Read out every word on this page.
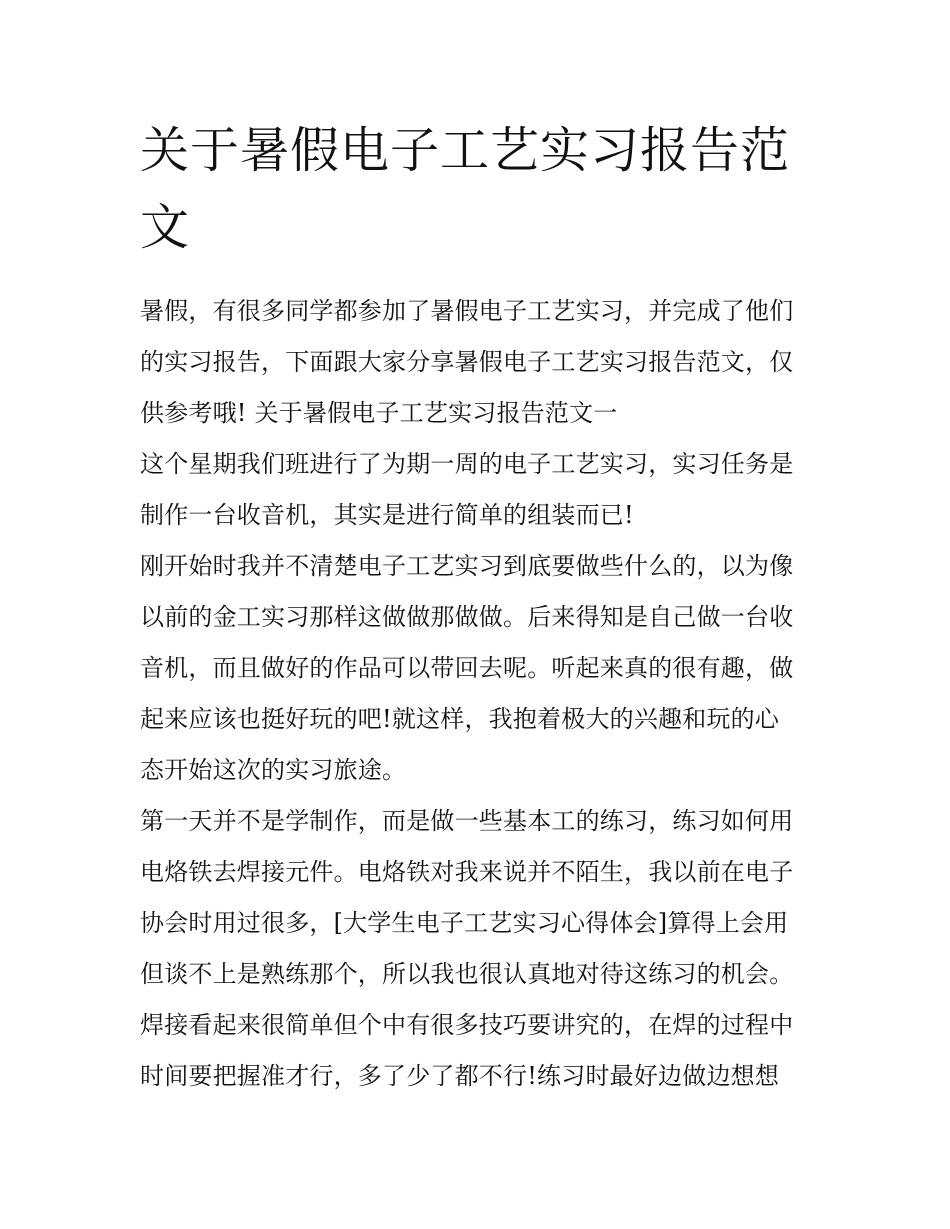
关于暑假电子工艺实习报告范
文

暑假，有很多同学都参加了暑假电子工艺实习，并完成了他们
的实习报告，下面跟大家分享暑假电子工艺实习报告范文，仅
供参考哦! 关于暑假电子工艺实习报告范文一

这个星期我们班进行了为期一周的电子工艺实习，实习任务是
制作一台收音机，其实是进行简单的组装而已!

刚开始时我并不清楚电子工艺实习到底要做些什么的，以为像
以前的金工实习那样这做做那做做。后来得知是自己做一台收
音机，而且做好的作品可以带回去呢。听起来真的很有趣，做
起来应该也挺好玩的吧!就这样，我抱着极大的兴趣和玩的心
态开始这次的实习旅途。

第一天并不是学制作，而是做一些基本工的练习，练习如何用
电烙铁去焊接元件。电烙铁对我来说并不陌生，我以前在电子
协会时用过很多，[大学生电子工艺实习心得体会]算得上会用
但谈不上是熟练那个，所以我也很认真地对待这练习的机会。
焊接看起来很简单但个中有很多技巧要讲究的，在焊的过程中
时间要把握准才行，多了少了都不行!练习时最好边做边想想
